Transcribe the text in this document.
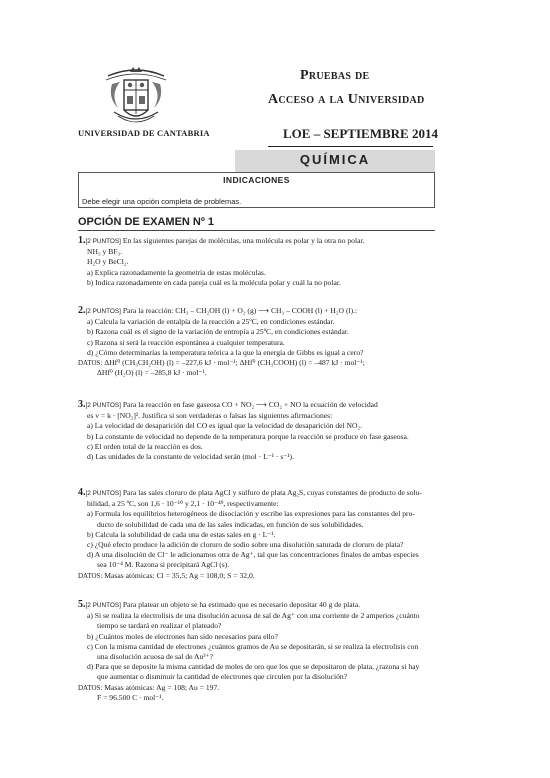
UNIVERSIDAD DE CANTABRIA
Pruebas de
Acceso a la Universidad
LOE – SEPTIEMBRE 2014
QUÍMICA
INDICACIONES
Debe elegir una opción completa de problemas.
OPCIÓN DE EXAMEN Nº 1
1.[2 PUNTOS] En las siguientes parejas de moléculas, una molécula es polar y la otra no polar.
NH₃ y BF₃.
H₂O y BeCl₂.
a) Explica razonadamente la geometría de estas moléculas.
b) Indica razonadamente en cada pareja cuál es la molécula polar y cuál la no polar.
2.[2 PUNTOS] Para la reacción: CH₃ – CH₂OH (l) + O₂ (g) ⟶ CH₃ – COOH (l) + H₂O (l).:
a) Calcula la variación de entalpía de la reacción a 25ºC, en condiciones estándar.
b) Razona cuál es el signo de la variación de entropía a 25ºC, en condiciones estándar.
c) Razona si será la reacción espontánea a cualquier temperatura.
d) ¿Cómo determinarías la temperatura teórica a la que la energía de Gibbs es igual a cero?
DATOS: ΔHf⁰ (CH₃CH₂OH) (l) = –227,6 kJ · mol⁻¹; ΔHf⁰ (CH₃COOH) (l) = –487 kJ · mol⁻¹;
ΔHf⁰ (H₂O) (l) = –285,8 kJ · mol⁻¹.
3.[2 PUNTOS] Para la reacción en fase gaseosa CO + NO₂ ⟶ CO₂ + NO la ecuación de velocidad
es v = k · [NO₂]². Justifica si son verdaderas o falsas las siguientes afirmaciones:
a) La velocidad de desaparición del CO es igual que la velocidad de desaparición del NO₂.
b) La constante de velocidad no depende de la temperatura porque la reacción se produce en fase gaseosa.
c) El orden total de la reacción es dos.
d) Las unidades de la constante de velocidad serán (mol · L⁻¹ · s⁻¹).
4.[2 PUNTOS] Para las sales cloruro de plata AgCl y sulfuro de plata Ag₂S, cuyas constantes de producto de solu-
bilidad, a 25 ºC, son 1,6 · 10⁻¹⁰ y 2,1 · 10⁻⁴⁹, respectivamente:
a) Formula los equilibrios heterogéneos de disociación y escribe las expresiones para las constantes del pro-
ducto de solubilidad de cada una de las sales indicadas, en función de sus solubilidades.
b) Calcula la solubilidad de cada una de estas sales en g · L⁻¹.
c) ¿Qué efecto produce la adición de cloruro de sodio sobre una disolución saturada de cloruro de plata?
d) A una disolución de Cl⁻ le adicionamos otra de Ag⁺, tal que las concentraciones finales de ambas especies
sea 10⁻⁴ M. Razona si precipitará AgCl (s).
DATOS: Masas atómicas: Cl = 35,5; Ag = 108,0; S = 32,0.
5.[2 PUNTOS] Para platear un objeto se ha estimado que es necesario depositar 40 g de plata.
a) Si se realiza la electrolisis de una disolución acuosa de sal de Ag⁺ con una corriente de 2 amperios ¿cuánto
tiempo se tardará en realizar el plateado?
b) ¿Cuántos moles de electrones han sido necesarios para ello?
c) Con la misma cantidad de electrones ¿cuántos gramos de Au se depositarán, si se realiza la electrolisis con
una disolución acuosa de sal de Au³⁺?
d) Para que se deposite la misma cantidad de moles de oro que los que se depositaron de plata, ¿razona si hay
que aumentar o disminuir la cantidad de electrones que circulen por la disolución?
DATOS: Masas atómicas: Ag = 108; Au = 197.
F = 96.500 C · mol⁻¹.
